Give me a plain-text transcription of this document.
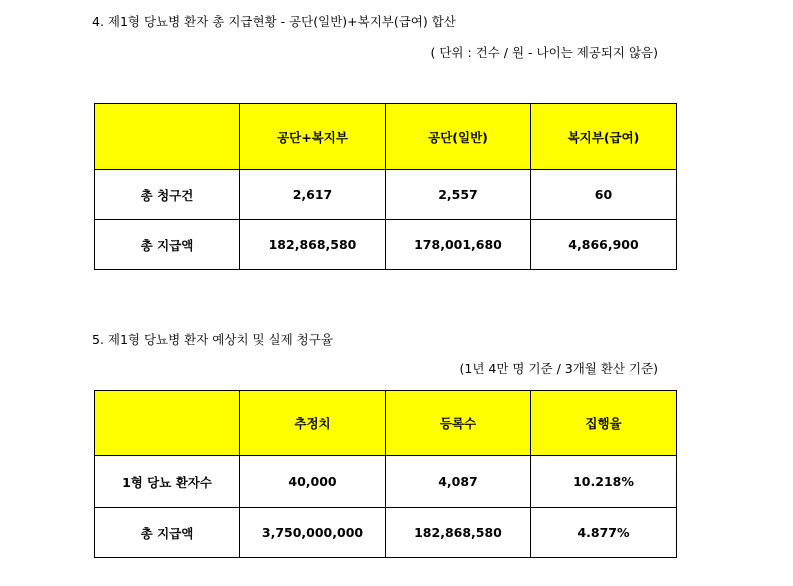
4. 제1형 당뇨병 환자 총 지급현황 - 공단(일반)+복지부(급여) 합산
( 단위 : 건수 / 원 - 나이는 제공되지 않음)
	공단+복지부	공단(일반)	복지부(급여)
총 청구건	2,617	2,557	60
총 지급액	182,868,580	178,001,680	4,866,900
5. 제1형 당뇨병 환자 예상치 및 실제 청구율
(1년 4만 명 기준 / 3개월 환산 기준)
	추정치	등록수	집행율
1형 당뇨 환자수	40,000	4,087	10.218%
총 지급액	3,750,000,000	182,868,580	4.877%
